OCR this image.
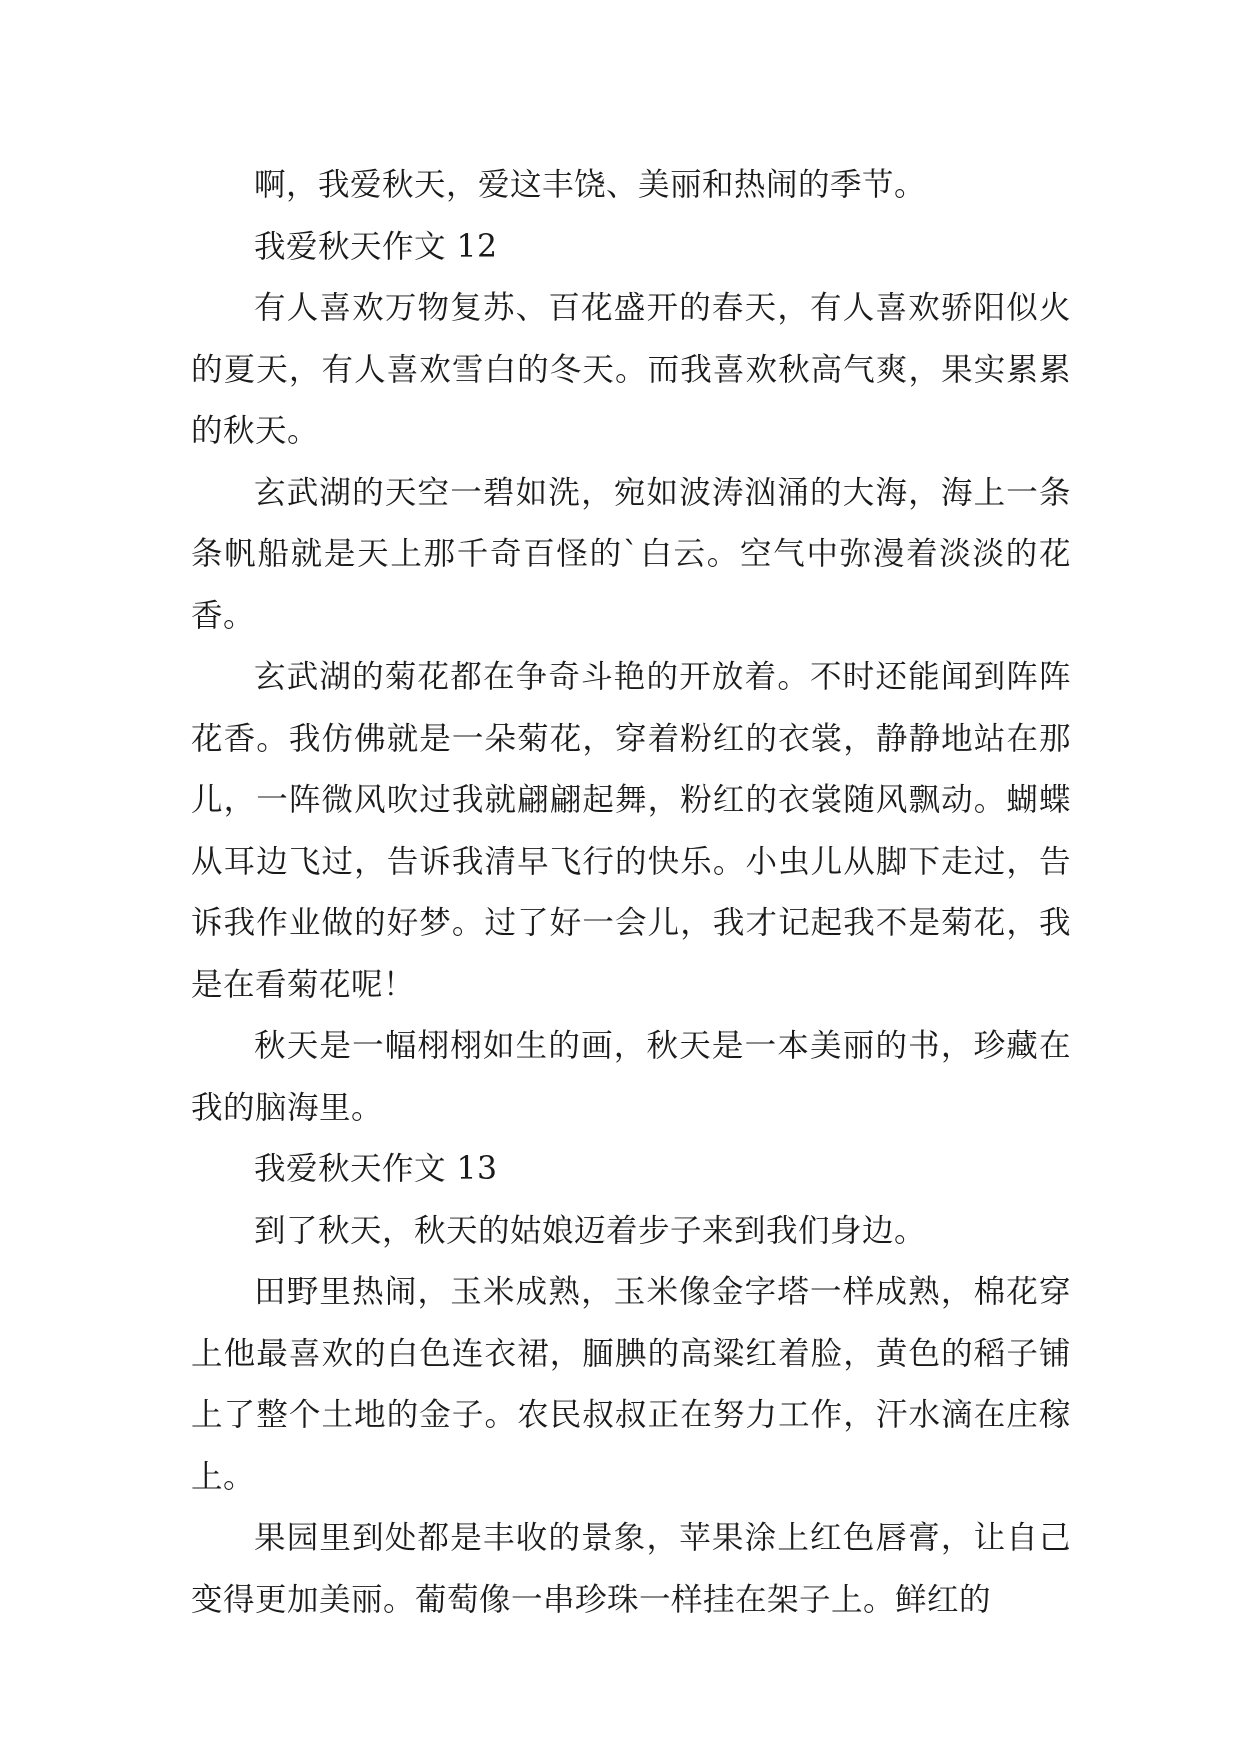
啊，我爱秋天，爱这丰饶、美丽和热闹的季节。

我爱秋天作文 12

有人喜欢万物复苏、百花盛开的春天，有人喜欢骄阳似火的夏天，有人喜欢雪白的冬天。而我喜欢秋高气爽，果实累累的秋天。

玄武湖的天空一碧如洗，宛如波涛汹涌的大海，海上一条条帆船就是天上那千奇百怪的`白云。空气中弥漫着淡淡的花香。

玄武湖的菊花都在争奇斗艳的开放着。不时还能闻到阵阵花香。我仿佛就是一朵菊花，穿着粉红的衣裳，静静地站在那儿，一阵微风吹过我就翩翩起舞，粉红的衣裳随风飘动。蝴蝶从耳边飞过，告诉我清早飞行的快乐。小虫儿从脚下走过，告诉我作业做的好梦。过了好一会儿，我才记起我不是菊花，我是在看菊花呢！

秋天是一幅栩栩如生的画，秋天是一本美丽的书，珍藏在我的脑海里。

我爱秋天作文 13

到了秋天，秋天的姑娘迈着步子来到我们身边。

田野里热闹，玉米成熟，玉米像金字塔一样成熟，棉花穿上他最喜欢的白色连衣裙，腼腆的高粱红着脸，黄色的稻子铺上了整个土地的金子。农民叔叔正在努力工作，汗水滴在庄稼上。

果园里到处都是丰收的景象，苹果涂上红色唇膏，让自己变得更加美丽。葡萄像一串珍珠一样挂在架子上。鲜红的
